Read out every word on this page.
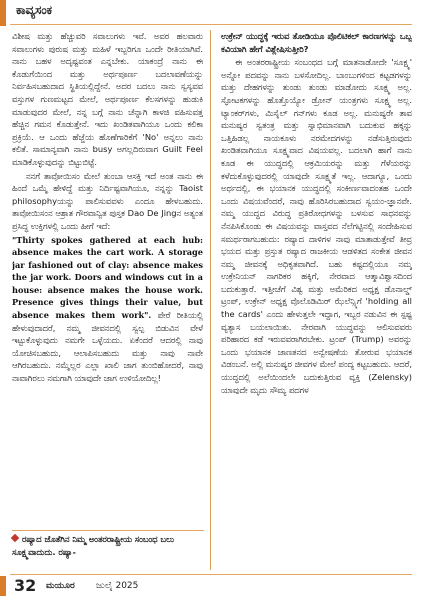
ಕಾವ್ಯಸಂಕ

ವಿಶೀಷ ಮತ್ತು ಹೆಚ್ಚುವರಿ ಸವಾಲುಗಳು ಇವೆ. ಅವರ ಹಲವಾರು ಸವಾಲುಗಳು ಪುರುಷ ಮತ್ತು ಮಹಿಳೆ ಇಬ್ಬರಿಗೂ ಒಂದೇ ರೀತಿಯಾಗಿವೆ. ನಾನು ಬಹಳ ಅದೃಷ್ಟವಂತ ಎನ್ನಬೇಕು. ಯಾಕಂದ್ರೆ ನಾನು ಈ ಕೊಡುಗೆಯಿಂದ ಮತ್ತು ಅರ್ಥಪೂರ್ಣ ಬದಲಾವಣೆಯನ್ನು ನಿರ್ವಹಿಸಬಹುದಾದ ಸ್ಥಿತಿಯಲ್ಲಿದ್ದೇನೆ. ಅದರ ಬದಲು ನಾನು ಸ್ವಸ್ಯವವ ವಸ್ತುಗಳ ಗುಣಮಟ್ಟದ ಮೇಲೆ, ಅರ್ಥಪೂರ್ಣ ಕೆಲಸಗಳನ್ನು ಹುಡುಕಿ ಮಾಡುವುದರ ಮೇಲೆ, ನನ್ನ ಬಗ್ಗೆ ನಾನು ಚೆನ್ನಾಗಿ ಕಾಳಜಿ ವಹಿಸುವತ್ತ ಹೆಚ್ಚಿನ ಗಮನ ಕೊಡುತ್ತೇನೆ. ಇದು ಖಂಡಿತವಾಗಿಯೂ ಒಂದು ಕಲಿಕಾ ಪ್ರಕ್ರಿಯೆ. ಆ ಒಂದು ಹೆಜ್ಜೆಯ ಹೊಣೆಗಾರಿಕೆಗೆ 'No' ಅನ್ನಲು ನಾನು ಕಲಿತೆ. ಸಾಮಾನ್ಯವಾಗಿ ನಾನು busy ಅಗಲ್ಲದಿರುವಾಗ Guilt Feel ಮಾಡಿಕೊಳ್ಳುವುದನ್ನು ಬಿಟ್ಟುಬಿಟ್ಟೆ.

ನನಗೆ ತಾವೋಯಿಸಂ ಮೇಲೆ ತುಂಬಾ ಆಸಕ್ತಿ ಇದೆ ಅಂತ ನಾನು ಈ ಹಿಂದೆ ಒಮ್ಮೆ ಹೇಳಿದ್ದೆ ಮತ್ತು ನಿರ್ದಿಷ್ಟವಾಗಿಯೂ, ನನ್ನನ್ನು Taoist philosophyಯನ್ನು ಪಾಲಿಸುವವಳು ಎಂದೂ ಹೇಳಬಹುದು. ತಾವೋಯಿಸಂನ ಆಶ್ರಾತ ಗೌರವಾನ್ವಿತ ಪುಸ್ತಕ Dao De Jingನ ಅತ್ಯಂತ ಪ್ರಸಿದ್ಧ ಉಕ್ತಿಗಳಲ್ಲಿ ಒಂದು ಹೀಗೆ ಇದೆ:

"Thirty spokes gathered at each hub: absence makes the cart work. A storage jar fashioned out of clay: absence makes the jar work. Doors and windows cut in a house: absence makes the house work. Presence gives things their value, but absence makes them work". ಪೇರೆ ರೀತಿಯಲ್ಲಿ ಹೇಳುವುದಾದರೆ, ನಮ್ಮ ಜೀವನದಲ್ಲಿ ಸ್ವಲ್ಪ ಬಿಡುವಿನ ವೇಳೆ ಇಟ್ಟುಕೊಳ್ಳುವುದು ನಮಗೇ ಒಳ್ಳೆಯದು. ಏಕೆಂದರೆ ಆದರಲ್ಲಿ ನಾವು ಯೋಚಿಸಬಹುದು, ಆಲಾಪಿಸಬಹುದು ಮತ್ತು ನಾವು ನಾವೇ ಆಗಿರಬಹುದು. ನಮ್ಮೆಲ್ಲರ ಎಲ್ಲಾ ಖಾಲಿ ಜಾಗ ತುಂಬಿಹೋದರೆ, ನಾವು ನಾವಾಗಿರಲು ನಮಗಾಗಿ ಯಾವುದೇ ಜಾಗ ಉಳಿಯೋದಿಲ್ಲ!

ರಷ್ಯಾದ ಜೊತೆಗಿನ ನಿಮ್ಮ ಅಂತರರಾಷ್ಟ್ರೀಯ ಸಂಬಂಧ ಬಲು ಸೂಕ್ಷ್ಮವಾದುದು. ರಷ್ಯಾ-

ಉಕ್ರೇನ್ ಯುದ್ಧಕ್ಕೆ ಇರುವ ತೋಡಿಯೂ ಪೊಲಿಟಿಕಲ್ ಕಾರಣಗಳನ್ನು ಒಬ್ಬ ಕವಿಯಾಗಿ ಹೇಗೆ ವಿಶ್ಲೇಷಿಸುತ್ತೀರಿ?

ಈ ಅಂತರರಾಷ್ಟ್ರೀಯ ಸಂಬಂಧದ ಬಗ್ಗೆ ಮಾತನಾಡೋದೇ 'ಸೂಕ್ಷ್ಮ' ಅನ್ನೋ ಪದವನ್ನು ನಾನು ಬಳಸೋದಿಲ್ಲ. ಬಾಂಬುಗಳಿಂದ ಕಟ್ಟಡಗಳನ್ನು ಮತ್ತು ದೇಹಗಳನ್ನು ತುಂಡು ತುಂಡು ಮಾಡೋದು ಸೂಕ್ಷ್ಮ ಅಲ್ಲ. ಸ್ಫೋಟಕಗಳನ್ನು ಹೊತ್ತೊಯ್ಯೋ ಡ್ರೋನ್ ಯಂತ್ರಗಳು ಸೂಕ್ಷ್ಮ ಅಲ್ಲ. ಟ್ಯಾಂಕರ್‌ಗಳು, ಮಿಸೈಲ್ ಗನ್‌ಗಳು ಕೂಡ ಅಲ್ಲ. ಮನುಷ್ಯರೇ ತಾವ ಮನುಷ್ಯರ ಸ್ವತಂತ್ರ ಮತ್ತು ಸ್ವಾಭಿಮಾನವಾಗಿ ಬದುಕುವ ಹಕ್ಕನ್ನು ಒತ್ತಿಹಿಡಲ್ಲ ನಾಯಕೂಳು ನರಮೇದಗಳನ್ನು ನಡೆಸುತ್ತಿರುವುದು ಖಂಡಿತವಾಗಿಯೂ ಸೂಕ್ಷ್ಮವಾದ ವಿಷಯವಲ್ಲ. ಬದಲಾಗಿ ಹಾಗೆ ನಾನು ಕೂಡ ಈ ಯುದ್ಧದಲ್ಲಿ ಆಕ್ರಮಿಯರನ್ನು ಮತ್ತು ಗೆಳೆಯರನ್ನು ಕಳೆದುಕೊಳ್ಳುವುದರಲ್ಲಿ ಯಾವುದೇ ಸೂಕ್ಷ್ಮತೆ ಇಲ್ಲ. ಆದಾಗ್ಯೂ, ಒಂದು ಅರ್ಥದಲ್ಲಿ, ಈ ಭಯಾನಕ ಯುದ್ಧದಲ್ಲಿ ಸಂಕೀರ್ಣವಾದಂತಹ ಒಂದೇ ಒಂದು ವಿಷಯವೆಂದರೆ, ನಾವು ಹೊರಿಸಿರಬಹುದಾದ ಸ್ವಯಂ-ಜ್ಞಾನವೇ. ನಮ್ಮ ಯುದ್ಧದ ವಿರುದ್ಧ ಪ್ರತಿರೋಧಗಳನ್ನು ಬಳಸುವ ಸಾಧನವನ್ನು ನೆನಪಿಸಿಕೊಂಡು ಈ ವಿಷಯವನ್ನು ವಾಸ್ತವದ ನೆಲೆಗಟ್ಟಿನಲ್ಲಿ ಸಂದೇಹಿಸುವ ಸಮರ್ಥರಾಗಬಹುದು: ರಷ್ಯಾದ ದಾಳಿಗಳ ನಾವು ಮಾತಾಡುತ್ತೇವೆ ತೀವ್ರ ಭಯದ ಮತ್ತು ಪ್ರಸ್ತುತ ರಷ್ಯಾದ ರಾಜಕೀಯ ಆಡಳಿತದ ಸಂಕೇತ ಜೀವನ ನಮ್ಮ ಜೀವನಕ್ಕೆ ಅಧಿಕೃತವಾಗಿದೆ. ಬಹು ಕಷ್ಟದಲ್ಲಿಯೂ ನಮ್ಮ ಉಕ್ರೇನಿಯನ್ ನಾಗರಿಕರ ಹಕ್ಕಿಗೆ, ನೇರವಾದ ಆತ್ಮಾವಿಶ್ವಾಸದಿಂದ ಬದುಕುತ್ತಾರೆ. ಇತ್ತೀಚೆಗೆ ವಿಶ್ವ ಮತ್ತು ಅಮೆರಿಕದ ಅಧ್ಯಕ್ಷ ಡೊನಾಲ್ಡ್ ಟ್ರಂಪ್, ಉಕ್ರೇನ್ ಅಧ್ಯಕ್ಷ ವೊಲೊಡಿಮಿರ್ ಝೆಲೆನ್ಸ್ಕಿಗೆ 'holding all the cards' ಎಂದು ಹೇಳುತ್ತಲೇ ಇದ್ದಾಗ, ಇಬ್ಬರ ನಡುವಿನ ಈ ಸ್ಪಷ್ಟ ವ್ಯತ್ಯಾಸ ಬಯಲಾಯಿತು. ನೇರವಾಗಿ ಯುದ್ಧವನ್ನು ಆಲಿಸುವವರು ಪರಿಹಾರದ ಕಡೆ ಇರುವವರಾಗಿರಬೇಕು. ಟ್ರಂಪ್ (Trump) ಅವರನ್ನು ಒಂದು ಭಯಾನಕ ಜಾಣತನದ ಅನ್ವೇಷಣೆಯ ತೋರುವ ಭಯಾನಕ ವಿಡಂಬನೆ. ಅಲ್ಲಿ ಮನುಷ್ಯರ ಜೀವಗಳ ಮೇಲೆ ಪಂದ್ಯ ಕಟ್ಟಬಹುದು. ಆದರೆ, ಯುದ್ಧದಲ್ಲಿ ಅಲೆಯಿಂದಲೇ ಬದುಕುತ್ತಿರುವ ವ್ಯಕ್ತಿ (Zelensky) ಯಾವುದೇ ಮೃದು ಸೌಮ್ಯ ಪದಗಳ

32 ಮಯೂರ ಜುಲೈ 2025
